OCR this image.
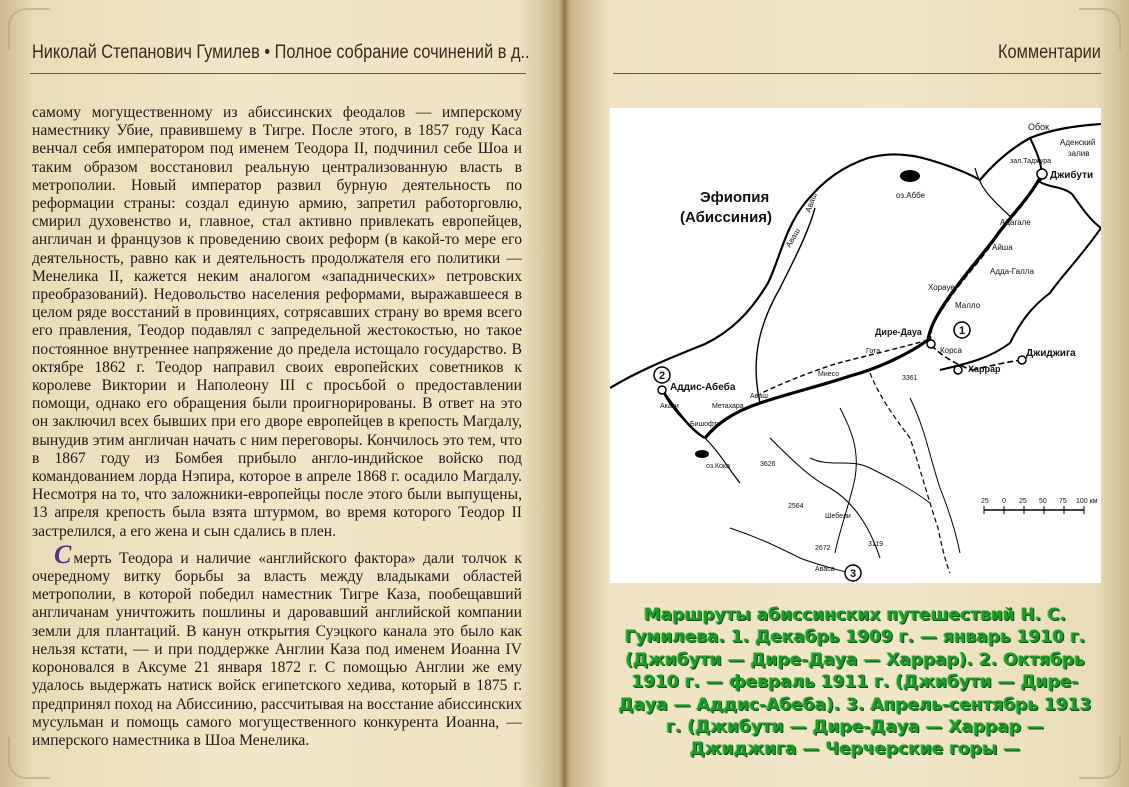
Николай Степанович Гумилев • Полное собрание сочинений в д..

самому могущественному из абиссинских феодалов — имперскому наместнику Убие, правившему в Тигре. После этого, в 1857 году Каса венчал себя императором под именем Теодора II, подчинил себе Шоа и таким образом восстановил реальную централизованную власть в метрополии. Новый император развил бурную деятельность по реформации страны: создал единую армию, запретил работорговлю, смирил духовенство и, главное, стал активно привлекать европейцев, англичан и французов к проведению своих реформ (в какой-то мере его деятельность, равно как и деятельность продолжателя его политики — Менелика II, кажется неким аналогом «западнических» петровских преобразований). Недовольство населения реформами, выражавшееся в целом ряде восстаний в провинциях, сотрясавших страну во время всего его правления, Теодор подавлял с запредельной жестокостью, но такое постоянное внутреннее напряжение до предела истощало государство. В октябре 1862 г. Теодор направил своих европейских советников к королеве Виктории и Наполеону III с просьбой о предоставлении помощи, однако его обращения были проигнорированы. В ответ на это он заключил всех бывших при его дворе европейцев в крепость Магдалу, вынудив этим англичан начать с ним переговоры. Кончилось это тем, что в 1867 году из Бомбея прибыло англо-индийское войско под командованием лорда Нэпира, которое в апреле 1868 г. осадило Магдалу. Несмотря на то, что заложники-европейцы после этого были выпущены, 13 апреля крепость была взята штурмом, во время которого Теодор II застрелился, а его жена и сын сдались в плен.

Смерть Теодора и наличие «английского фактора» дали толчок к очередному витку борьбы за власть между владыками областей метрополии, в которой победил наместник Тигре Каза, пообещавший англичанам уничтожить пошлины и даровавший английской компании земли для плантаций. В канун открытия Суэцкого канала это было как нельзя кстати, — и при поддержке Англии Каза под именем Иоанна IV короновался в Аксуме 21 января 1872 г. С помощью Англии же ему удалось выдержать натиск войск египетского хедива, который в 1875 г. предпринял поход на Абиссинию, рассчитывая на восстание абиссинских мусульман и помощь самого могущественного конкурента Иоанна, — имперского наместника в Шоа Менелика.

Комментарии
1
2
3
Эфиопия
(Абиссиния)
Обок
Аденский
залив
зал.Таджура
Джибути
оз.Аббе
Адагале
Айша
Адда-Галла
Хорауе
Малло
Дире-Дауа
Корса
Харрар
Джиджига
Гота
Миесо
Аддис-Абеба
Акаки	Метахара
Бишофту
Аваш
оз.Кока
Аваш
Аваш
3361
3626
2564
2672
3119
Шебели
Аваса
25 0 25 50 75 100 км
Маршруты абиссинских путешествий Н. С. Гумилева. 1. Декабрь 1909 г. — январь 1910 г. (Джибути — Дире-Дауа — Харрар). 2. Октябрь 1910 г. — февраль 1911 г. (Джибути — Дире-Дауа — Аддис-Абеба). 3. Апрель-сентябрь 1913 г. (Джибути — Дире-Дауа — Харрар — Джиджига — Черчерские горы —
